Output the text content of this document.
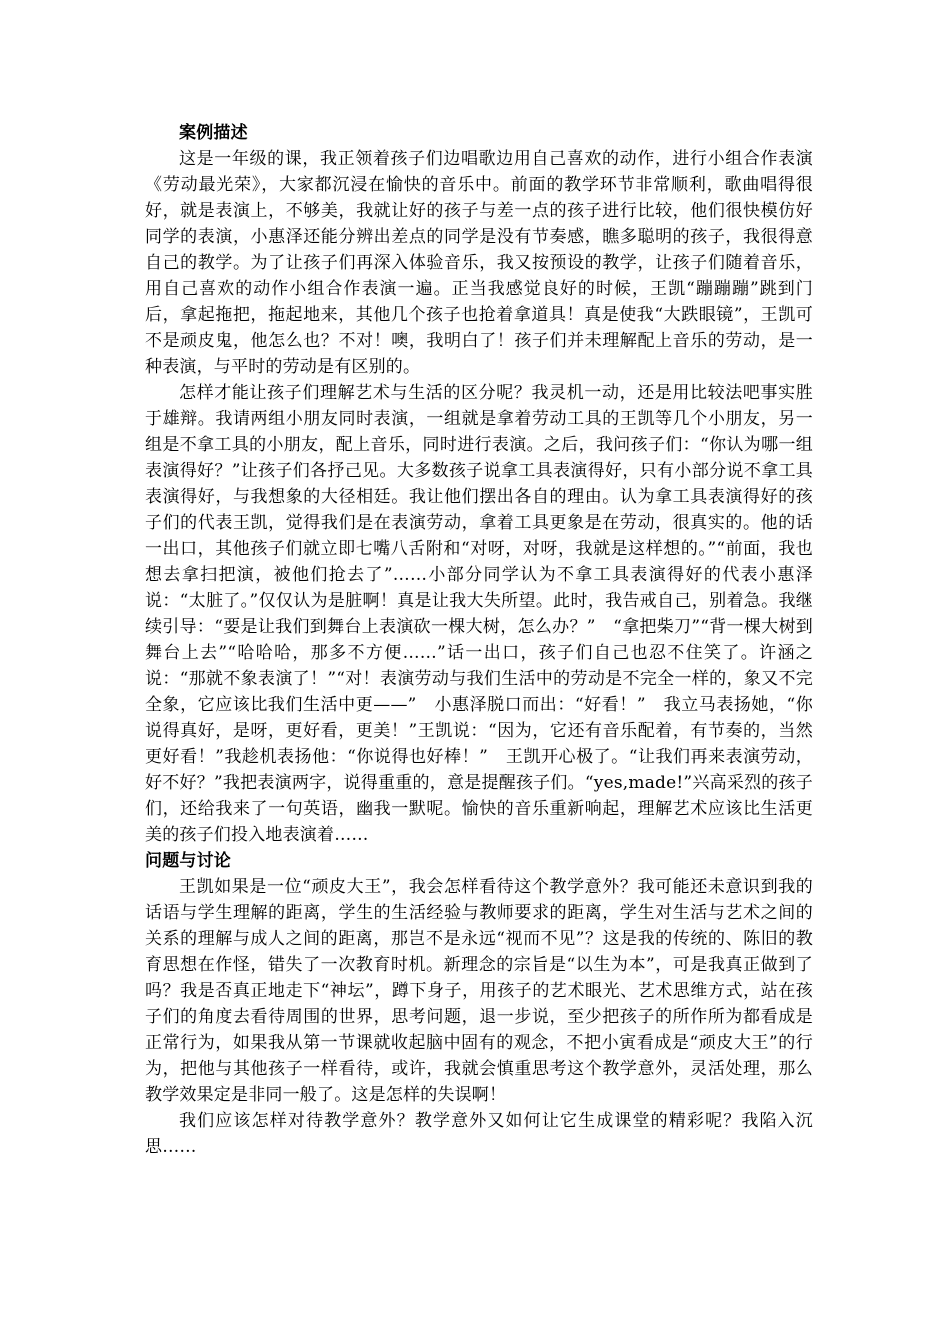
案例描述

这是一年级的课，我正领着孩子们边唱歌边用自己喜欢的动作，进行小组合作表演《劳动最光荣》，大家都沉浸在愉快的音乐中。前面的教学环节非常顺利，歌曲唱得很好，就是表演上，不够美，我就让好的孩子与差一点的孩子进行比较，他们很快模仿好同学的表演，小惠泽还能分辨出差点的同学是没有节奏感，瞧多聪明的孩子，我很得意自己的教学。为了让孩子们再深入体验音乐，我又按预设的教学，让孩子们随着音乐，用自己喜欢的动作小组合作表演一遍。正当我感觉良好的时候，王凯“蹦蹦蹦”跳到门后，拿起拖把，拖起地来，其他几个孩子也抢着拿道具！真是使我“大跌眼镜”，王凯可不是顽皮鬼，他怎么也？不对！噢，我明白了！孩子们并未理解配上音乐的劳动，是一种表演，与平时的劳动是有区别的。

怎样才能让孩子们理解艺术与生活的区分呢？我灵机一动，还是用比较法吧事实胜于雄辩。我请两组小朋友同时表演，一组就是拿着劳动工具的王凯等几个小朋友，另一组是不拿工具的小朋友，配上音乐，同时进行表演。之后，我问孩子们：“你认为哪一组表演得好？”让孩子们各抒己见。大多数孩子说拿工具表演得好，只有小部分说不拿工具表演得好，与我想象的大径相廷。我让他们摆出各自的理由。认为拿工具表演得好的孩子们的代表王凯，觉得我们是在表演劳动，拿着工具更象是在劳动，很真实的。他的话一出口，其他孩子们就立即七嘴八舌附和“对呀，对呀，我就是这样想的。”“前面，我也想去拿扫把演，被他们抢去了”……小部分同学认为不拿工具表演得好的代表小惠泽说：“太脏了。”仅仅认为是脏啊！真是让我大失所望。此时，我告戒自己，别着急。我继续引导：“要是让我们到舞台上表演砍一棵大树，怎么办？”　“拿把柴刀”“背一棵大树到舞台上去”“哈哈哈，那多不方便……”话一出口，孩子们自己也忍不住笑了。许涵之说：“那就不象表演了！”“对！表演劳动与我们生活中的劳动是不完全一样的，象又不完全象，它应该比我们生活中更——”　小惠泽脱口而出：“好看！”　我立马表扬她，“你说得真好，是呀，更好看，更美！”王凯说：“因为，它还有音乐配着，有节奏的，当然更好看！”我趁机表扬他：“你说得也好棒！”　王凯开心极了。“让我们再来表演劳动，好不好？”我把表演两字，说得重重的，意是提醒孩子们。“yes,made!”兴高采烈的孩子们，还给我来了一句英语，幽我一默呢。愉快的音乐重新响起，理解艺术应该比生活更美的孩子们投入地表演着……

问题与讨论

王凯如果是一位“顽皮大王”，我会怎样看待这个教学意外？我可能还未意识到我的话语与学生理解的距离，学生的生活经验与教师要求的距离，学生对生活与艺术之间的关系的理解与成人之间的距离，那岂不是永远“视而不见”？这是我的传统的、陈旧的教育思想在作怪，错失了一次教育时机。新理念的宗旨是“以生为本”，可是我真正做到了吗？我是否真正地走下“神坛”，蹲下身子，用孩子的艺术眼光、艺术思维方式，站在孩子们的角度去看待周围的世界，思考问题，退一步说，至少把孩子的所作所为都看成是正常行为，如果我从第一节课就收起脑中固有的观念，不把小寅看成是“顽皮大王”的行为，把他与其他孩子一样看待，或许，我就会慎重思考这个教学意外，灵活处理，那么教学效果定是非同一般了。这是怎样的失误啊！

我们应该怎样对待教学意外？教学意外又如何让它生成课堂的精彩呢？我陷入沉思……
